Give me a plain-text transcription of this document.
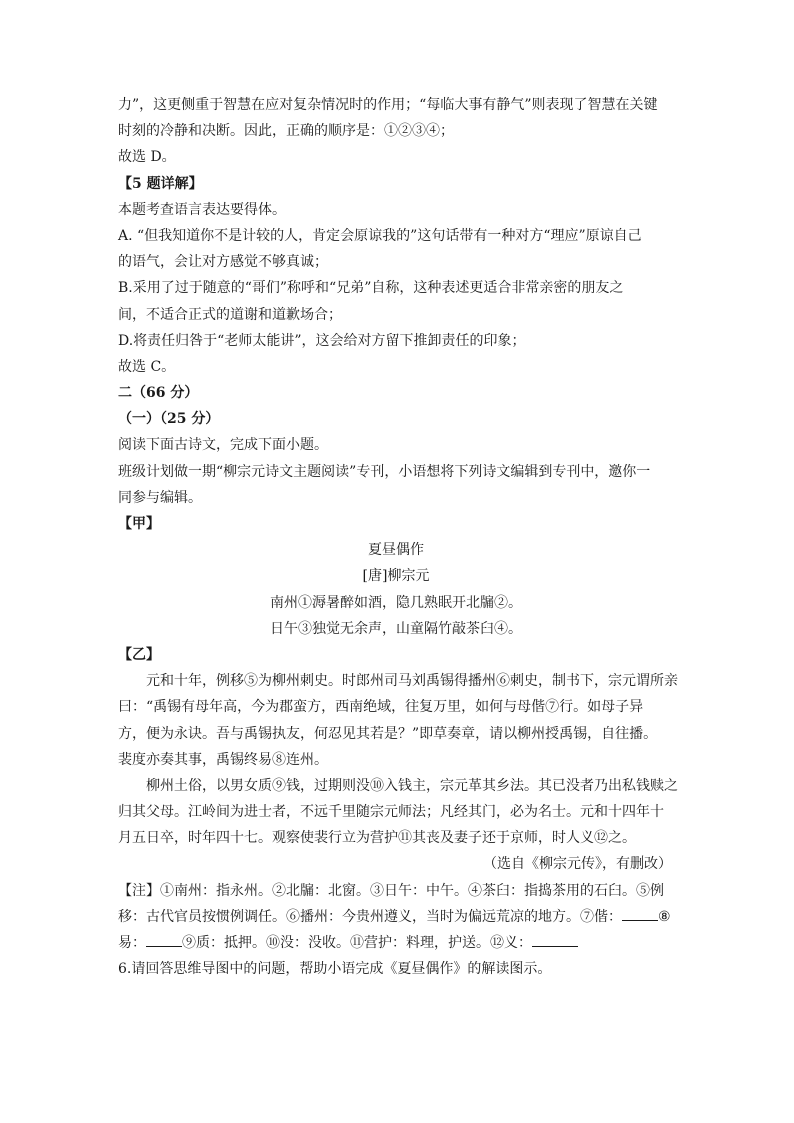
力”，这更侧重于智慧在应对复杂情况时的作用；“每临大事有静气”则表现了智慧在关键
时刻的冷静和决断。因此，正确的顺序是：①②③④；
故选 D。
【5 题详解】
本题考查语言表达要得体。
A. “但我知道你不是计较的人，肯定会原谅我的”这句话带有一种对方“理应”原谅自己
的语气，会让对方感觉不够真诚；
B.采用了过于随意的“哥们”称呼和“兄弟”自称，这种表述更适合非常亲密的朋友之
间，不适合正式的道谢和道歉场合；
D.将责任归咎于“老师太能讲”，这会给对方留下推卸责任的印象；
故选 C。
二（66 分）
（一）（25 分）
阅读下面古诗文，完成下面小题。
班级计划做一期“柳宗元诗文主题阅读”专刊，小语想将下列诗文编辑到专刊中，邀你一
同参与编辑。
【甲】
夏昼偶作
[唐]柳宗元
南州①溽暑醉如酒，隐几熟眠开北牖②。
日午③独觉无余声，山童隔竹敲茶臼④。
【乙】
元和十年，例移⑤为柳州刺史。时郎州司马刘禹锡得播州⑥刺史，制书下，宗元谓所亲
曰：“禹锡有母年高，今为郡蛮方，西南绝域，往复万里，如何与母偕⑦行。如母子异
方，便为永诀。吾与禹锡执友，何忍见其若是？”即草奏章，请以柳州授禹锡，自往播。
裴度亦奏其事，禹锡终易⑧连州。
柳州土俗，以男女质⑨钱，过期则没⑩入钱主，宗元革其乡法。其已没者乃出私钱赎之
归其父母。江岭间为进士者，不远千里随宗元师法；凡经其门，必为名士。元和十四年十
月五日卒，时年四十七。观察使裴行立为营护⑪其丧及妻子还于京师，时人义⑫之。
（选自《柳宗元传》，有删改）
【注】①南州：指永州。②北牖：北窗。③日午：中午。④茶臼：指捣茶用的石臼。⑤例
移：古代官员按惯例调任。⑥播州：今贵州遵义，当时为偏远荒凉的地方。⑦偕：	⑧
易：	⑨质：抵押。⑩没：没收。⑪营护：料理，护送。⑫义：
6.请回答思维导图中的问题，帮助小语完成《夏昼偶作》的解读图示。
